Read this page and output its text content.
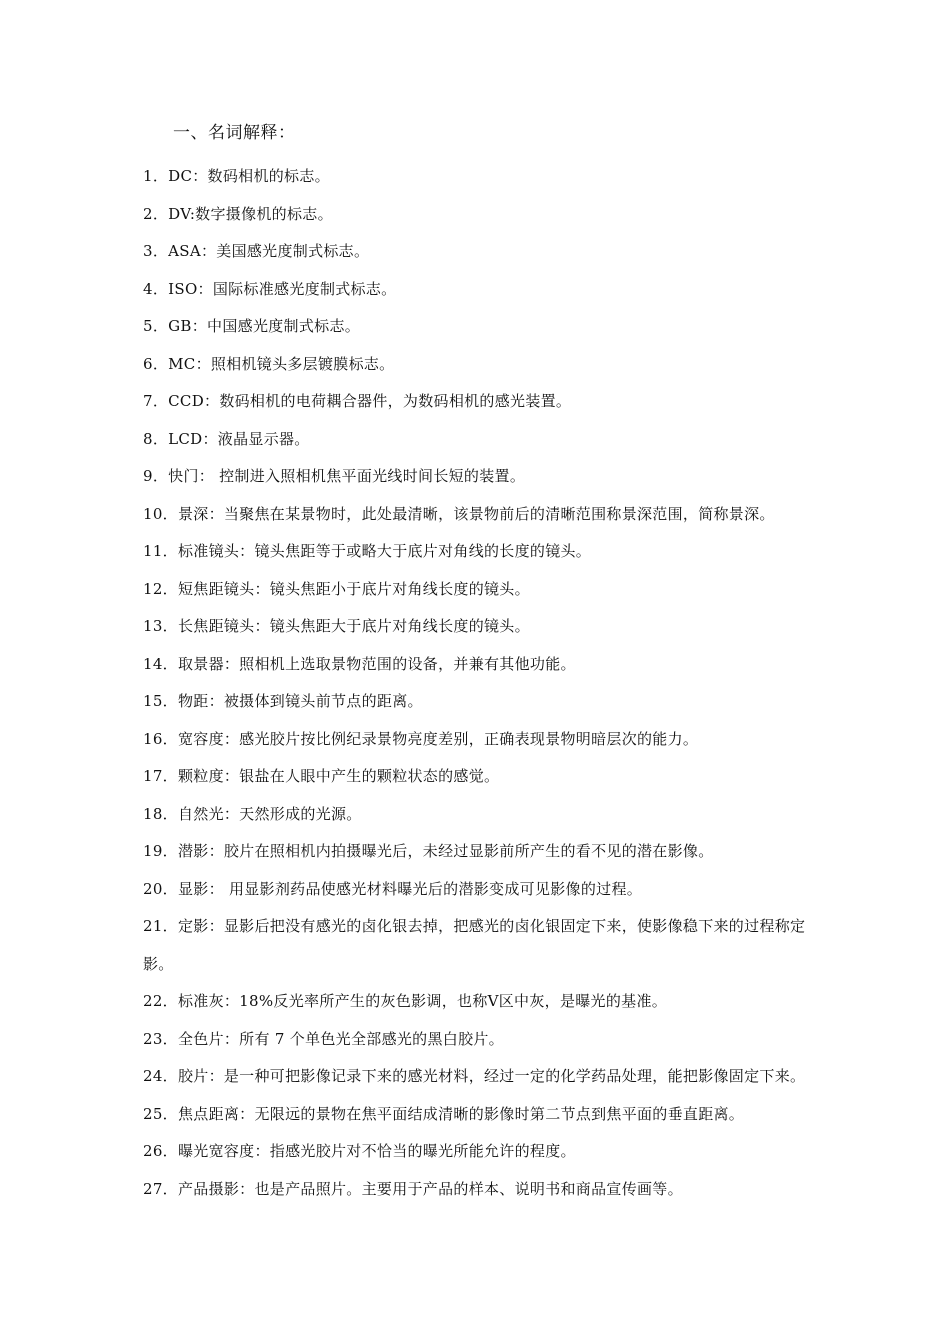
一、名词解释：
1．DC：数码相机的标志。
2．DV:数字摄像机的标志。
3．ASA：美国感光度制式标志。
4．ISO：国际标准感光度制式标志。
5．GB：中国感光度制式标志。
6．MC：照相机镜头多层镀膜标志。
7．CCD：数码相机的电荷耦合器件，为数码相机的感光装置。
8．LCD：液晶显示器。
9．快门： 控制进入照相机焦平面光线时间长短的装置。
10．景深：当聚焦在某景物时，此处最清晰，该景物前后的清晰范围称景深范围，简称景深。
11．标准镜头：镜头焦距等于或略大于底片对角线的长度的镜头。
12．短焦距镜头：镜头焦距小于底片对角线长度的镜头。
13．长焦距镜头：镜头焦距大于底片对角线长度的镜头。
14．取景器：照相机上选取景物范围的设备，并兼有其他功能。
15．物距：被摄体到镜头前节点的距离。
16．宽容度：感光胶片按比例纪录景物亮度差别，正确表现景物明暗层次的能力。
17．颗粒度：银盐在人眼中产生的颗粒状态的感觉。
18．自然光：天然形成的光源。
19．潜影：胶片在照相机内拍摄曝光后，未经过显影前所产生的看不见的潜在影像。
20．显影： 用显影剂药品使感光材料曝光后的潜影变成可见影像的过程。
21．定影：显影后把没有感光的卤化银去掉，把感光的卤化银固定下来，使影像稳下来的过程称定影。
22．标准灰：18%反光率所产生的灰色影调，也称Ⅴ区中灰，是曝光的基准。
23．全色片：所有 7 个单色光全部感光的黑白胶片。
24．胶片：是一种可把影像记录下来的感光材料，经过一定的化学药品处理，能把影像固定下来。
25．焦点距离：无限远的景物在焦平面结成清晰的影像时第二节点到焦平面的垂直距离。
26．曝光宽容度：指感光胶片对不恰当的曝光所能允许的程度。
27．产品摄影：也是产品照片。主要用于产品的样本、说明书和商品宣传画等。
